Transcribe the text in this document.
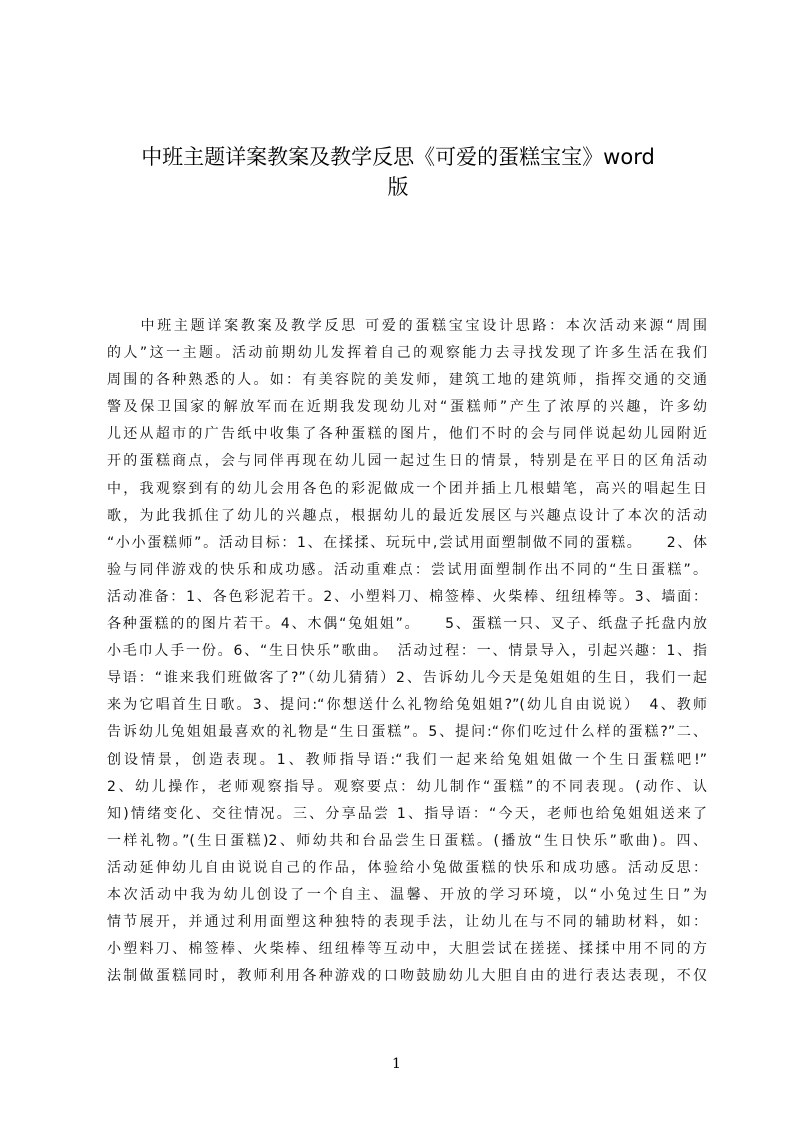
中班主题详案教案及教学反思《可爱的蛋糕宝宝》word
版
　　中班主题详案教案及教学反思 可爱的蛋糕宝宝设计思路：本次活动来源“周围
的人”这一主题。活动前期幼儿发挥着自己的观察能力去寻找发现了许多生活在我们
周围的各种熟悉的人。如：有美容院的美发师，建筑工地的建筑师，指挥交通的交通
警及保卫国家的解放军而在近期我发现幼儿对“蛋糕师”产生了浓厚的兴趣，许多幼
儿还从超市的广告纸中收集了各种蛋糕的图片，他们不时的会与同伴说起幼儿园附近
开的蛋糕商点，会与同伴再现在幼儿园一起过生日的情景，特别是在平日的区角活动
中，我观察到有的幼儿会用各色的彩泥做成一个团并插上几根蜡笔，高兴的唱起生日
歌，为此我抓住了幼儿的兴趣点，根据幼儿的最近发展区与兴趣点设计了本次的活动
“小小蛋糕师”。活动目标：1、在揉揉、玩玩中,尝试用面塑制做不同的蛋糕。　　2、体
验与同伴游戏的快乐和成功感。活动重难点：尝试用面塑制作出不同的“生日蛋糕”。
活动准备：1、各色彩泥若干。2、小塑料刀、棉签棒、火柴棒、纽纽棒等。3、墙面：
各种蛋糕的的图片若干。4、木偶“兔姐姐”。　　5、蛋糕一只、叉子、纸盘子托盘内放
小毛巾人手一份。6、“生日快乐”歌曲。　活动过程：一、情景导入，引起兴趣：1、指
导语：“谁来我们班做客了?”（幼儿猜猜）2、告诉幼儿今天是兔姐姐的生日，我们一起
来为它唱首生日歌。3、提问:“你想送什么礼物给兔姐姐?”(幼儿自由说说）　4、教师
告诉幼儿兔姐姐最喜欢的礼物是“生日蛋糕”。5、提问:“你们吃过什么样的蛋糕?”二、
创设情景，创造表现。1、教师指导语:“我们一起来给兔姐姐做一个生日蛋糕吧!”
2、幼儿操作，老师观察指导。观察要点：幼儿制作“蛋糕”的不同表现。(动作、认
知)情绪变化、交往情况。三、分享品尝 1、指导语：“今天，老师也给兔姐姐送来了
一样礼物。”(生日蛋糕)2、师幼共和台品尝生日蛋糕。(播放“生日快乐”歌曲)。四、
活动延伸幼儿自由说说自己的作品，体验给小兔做蛋糕的快乐和成功感。活动反思：
本次活动中我为幼儿创设了一个自主、温馨、开放的学习环境，以“小兔过生日”为
情节展开，并通过利用面塑这种独特的表现手法，让幼儿在与不同的辅助材料，如：
小塑料刀、棉签棒、火柴棒、纽纽棒等互动中，大胆尝试在搓搓、揉揉中用不同的方
法制做蛋糕同时，教师利用各种游戏的口吻鼓励幼儿大胆自由的进行表达表现，不仅
1
